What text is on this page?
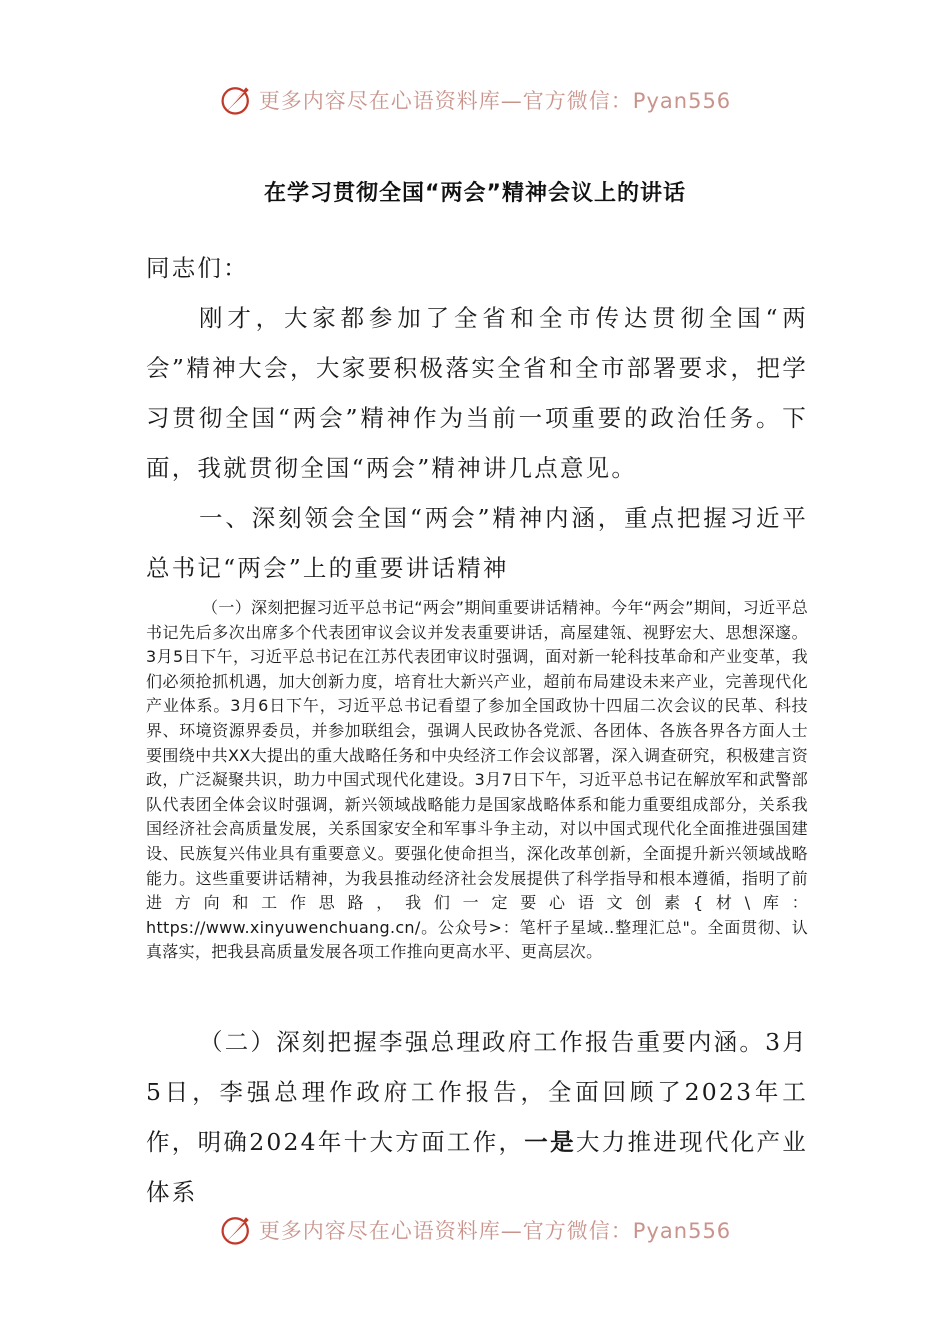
更多内容尽在心语资料库—官方微信：Pyan556
在学习贯彻全国“两会”精神会议上的讲话

同志们：

刚才，大家都参加了全省和全市传达贯彻全国“两会”精神大会，大家要积极落实全省和全市部署要求，把学习贯彻全国“两会”精神作为当前一项重要的政治任务。下面，我就贯彻全国“两会”精神讲几点意见。

一、深刻领会全国“两会”精神内涵，重点把握习近平总书记“两会”上的重要讲话精神

（一）深刻把握习近平总书记“两会”期间重要讲话精神。今年“两会”期间，习近平总书记先后多次出席多个代表团审议会议并发表重要讲话，高屋建瓴、视野宏大、思想深邃。3月5日下午，习近平总书记在江苏代表团审议时强调，面对新一轮科技革命和产业变革，我们必须抢抓机遇，加大创新力度，培育壮大新兴产业，超前布局建设未来产业，完善现代化产业体系。3月6日下午，习近平总书记看望了参加全国政协十四届二次会议的民革、科技界、环境资源界委员，并参加联组会，强调人民政协各党派、各团体、各族各界各方面人士要围绕中共XX大提出的重大战略任务和中央经济工作会议部署，深入调查研究，积极建言资政，广泛凝聚共识，助力中国式现代化建设。3月7日下午，习近平总书记在解放军和武警部队代表团全体会议时强调，新兴领域战略能力是国家战略体系和能力重要组成部分，关系我国经济社会高质量发展，关系国家安全和军事斗争主动，对以中国式现代化全面推进强国建设、民族复兴伟业具有重要意义。要强化使命担当，深化改革创新，全面提升新兴领域战略能力。这些重要讲话精神，为我县推动经济社会发展提供了科学指导和根本遵循，指明了前进方向和工作思路，我们一定要心语文创素{材\库：https://www.xinyuwenchuang.cn/。公众号>：笔杆子星域..整理汇总"。全面贯彻、认真落实，把我县高质量发展各项工作推向更高水平、更高层次。

（二）深刻把握李强总理政府工作报告重要内涵。3月5日，李强总理作政府工作报告，全面回顾了2023年工作，明确2024年十大方面工作，一是大力推进现代化产业体系

更多内容尽在心语资料库—官方微信：Pyan556
